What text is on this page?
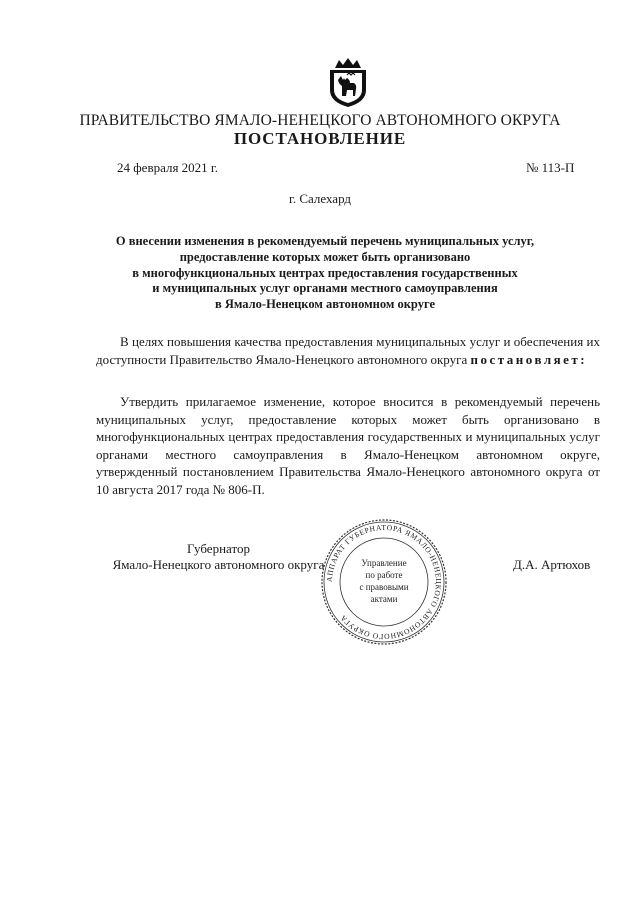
ПРАВИТЕЛЬСТВО ЯМАЛО-НЕНЕЦКОГО АВТОНОМНОГО ОКРУГА
ПОСТАНОВЛЕНИЕ
24 февраля 2021 г.	№ 113-П
г. Салехард
О внесении изменения в рекомендуемый перечень муниципальных услуг,
предоставление которых может быть организовано
в многофункциональных центрах предоставления государственных
и муниципальных услуг органами местного самоуправления
в Ямало-Ненецком автономном округе
В целях повышения качества предоставления муниципальных услуг и обеспечения их доступности Правительство Ямало-Ненецкого автономного округа постановляет:
Утвердить прилагаемое изменение, которое вносится в рекомендуемый перечень муниципальных услуг, предоставление которых может быть организовано в многофункциональных центрах предоставления государственных и муниципальных услуг органами местного самоуправления в Ямало-Ненецком автономном округе, утвержденный постановлением Правительства Ямало-Ненецкого автономного округа от 10 августа 2017 года № 806-П.
Губернатор
Ямало-Ненецкого автономного округа	Д.А. Артюхов
АППАРАТ ГУБЕРНАТОРА ЯМАЛО-НЕНЕЦКОГО АВТОНОМНОГО ОКРУГА
Управление
по работе
с правовыми
актами
